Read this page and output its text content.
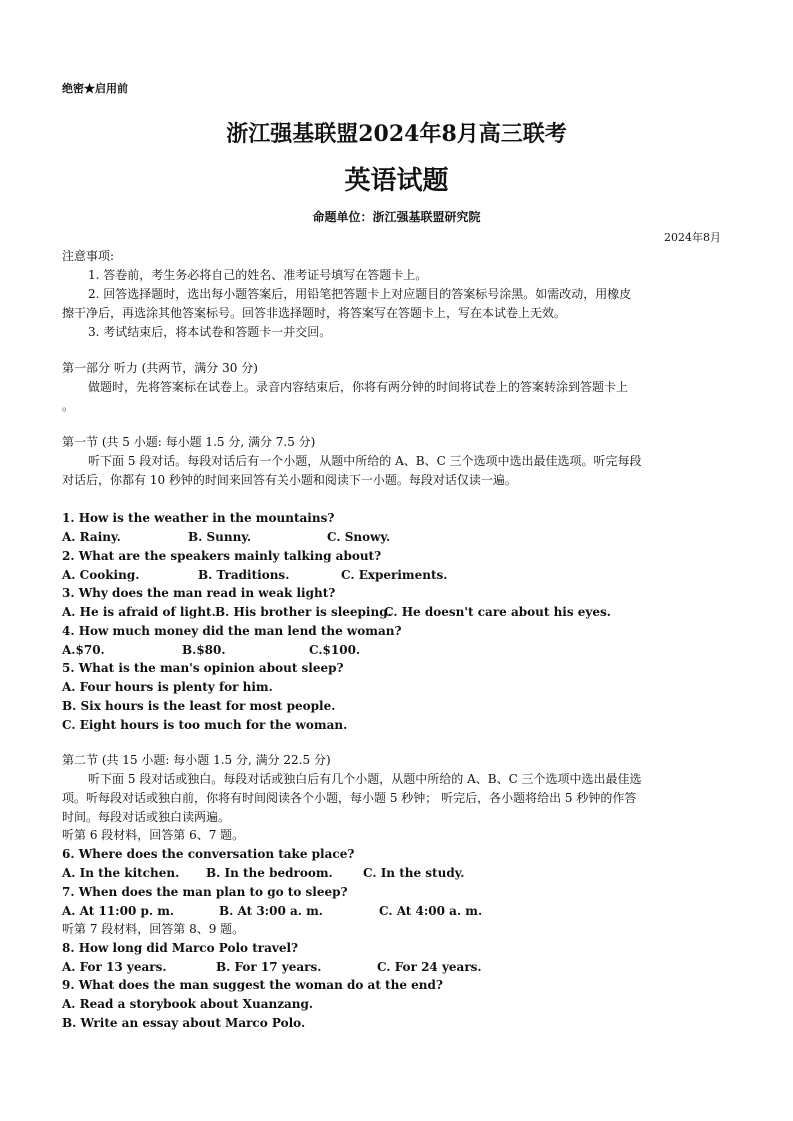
绝密★启用前
浙江强基联盟2024年8月高三联考
英语试题
命题单位：浙江强基联盟研究院
2024年8月
注意事项:
1. 答卷前，考生务必将自己的姓名、准考证号填写在答题卡上。
2. 回答选择题时，选出每小题答案后，用铅笔把答题卡上对应题目的答案标号涂黑。如需改动，用橡皮
擦干净后，再选涂其他答案标号。回答非选择题时，将答案写在答题卡上，写在本试卷上无效。
3. 考试结束后，将本试卷和答题卡一并交回。
第一部分 听力 (共两节，满分 30 分)
做题时，先将答案标在试卷上。录音内容结束后，你将有两分钟的时间将试卷上的答案转涂到答题卡上
。
第一节 (共 5 小题: 每小题 1.5 分, 满分 7.5 分)
听下面 5 段对话。每段对话后有一个小题，从题中所给的 A、B、C 三个选项中选出最佳选项。听完每段
对话后，你都有 10 秒钟的时间来回答有关小题和阅读下一小题。每段对话仅读一遍。
1. How is the weather in the mountains?
A. Rainy.	B. Sunny.	C. Snowy.
2. What are the speakers mainly talking about?
A. Cooking.	B. Traditions.	C. Experiments.
3. Why does the man read in weak light?
A. He is afraid of light. B. His brother is sleeping.
C. He doesn't care about his eyes.
4. How much money did the man lend the woman?
A.$70.	B.$80.	C.$100.
5. What is the man's opinion about sleep?
A. Four hours is plenty for him.
B. Six hours is the least for most people.
C. Eight hours is too much for the woman.
第二节 (共 15 小题: 每小题 1.5 分, 满分 22.5 分)
听下面 5 段对话或独白。每段对话或独白后有几个小题，从题中所给的 A、B、C 三个选项中选出最佳选
项。听每段对话或独白前，你将有时间阅读各个小题，每小题 5 秒钟； 听完后，各小题将给出 5 秒钟的作答
时间。每段对话或独白读两遍。
听第 6 段材料，回答第 6、7 题。
6. Where does the conversation take place?
A. In the kitchen. B. In the bedroom.	C. In the study.
7. When does the man plan to go to sleep?
A. At 11:00 p. m.	B. At 3:00 a. m.	C. At 4:00 a. m.
听第 7 段材料，回答第 8、9 题。
8. How long did Marco Polo travel?
A. For 13 years.	B. For 17 years.	C. For 24 years.
9. What does the man suggest the woman do at the end?
A. Read a storybook about Xuanzang.
B. Write an essay about Marco Polo.
